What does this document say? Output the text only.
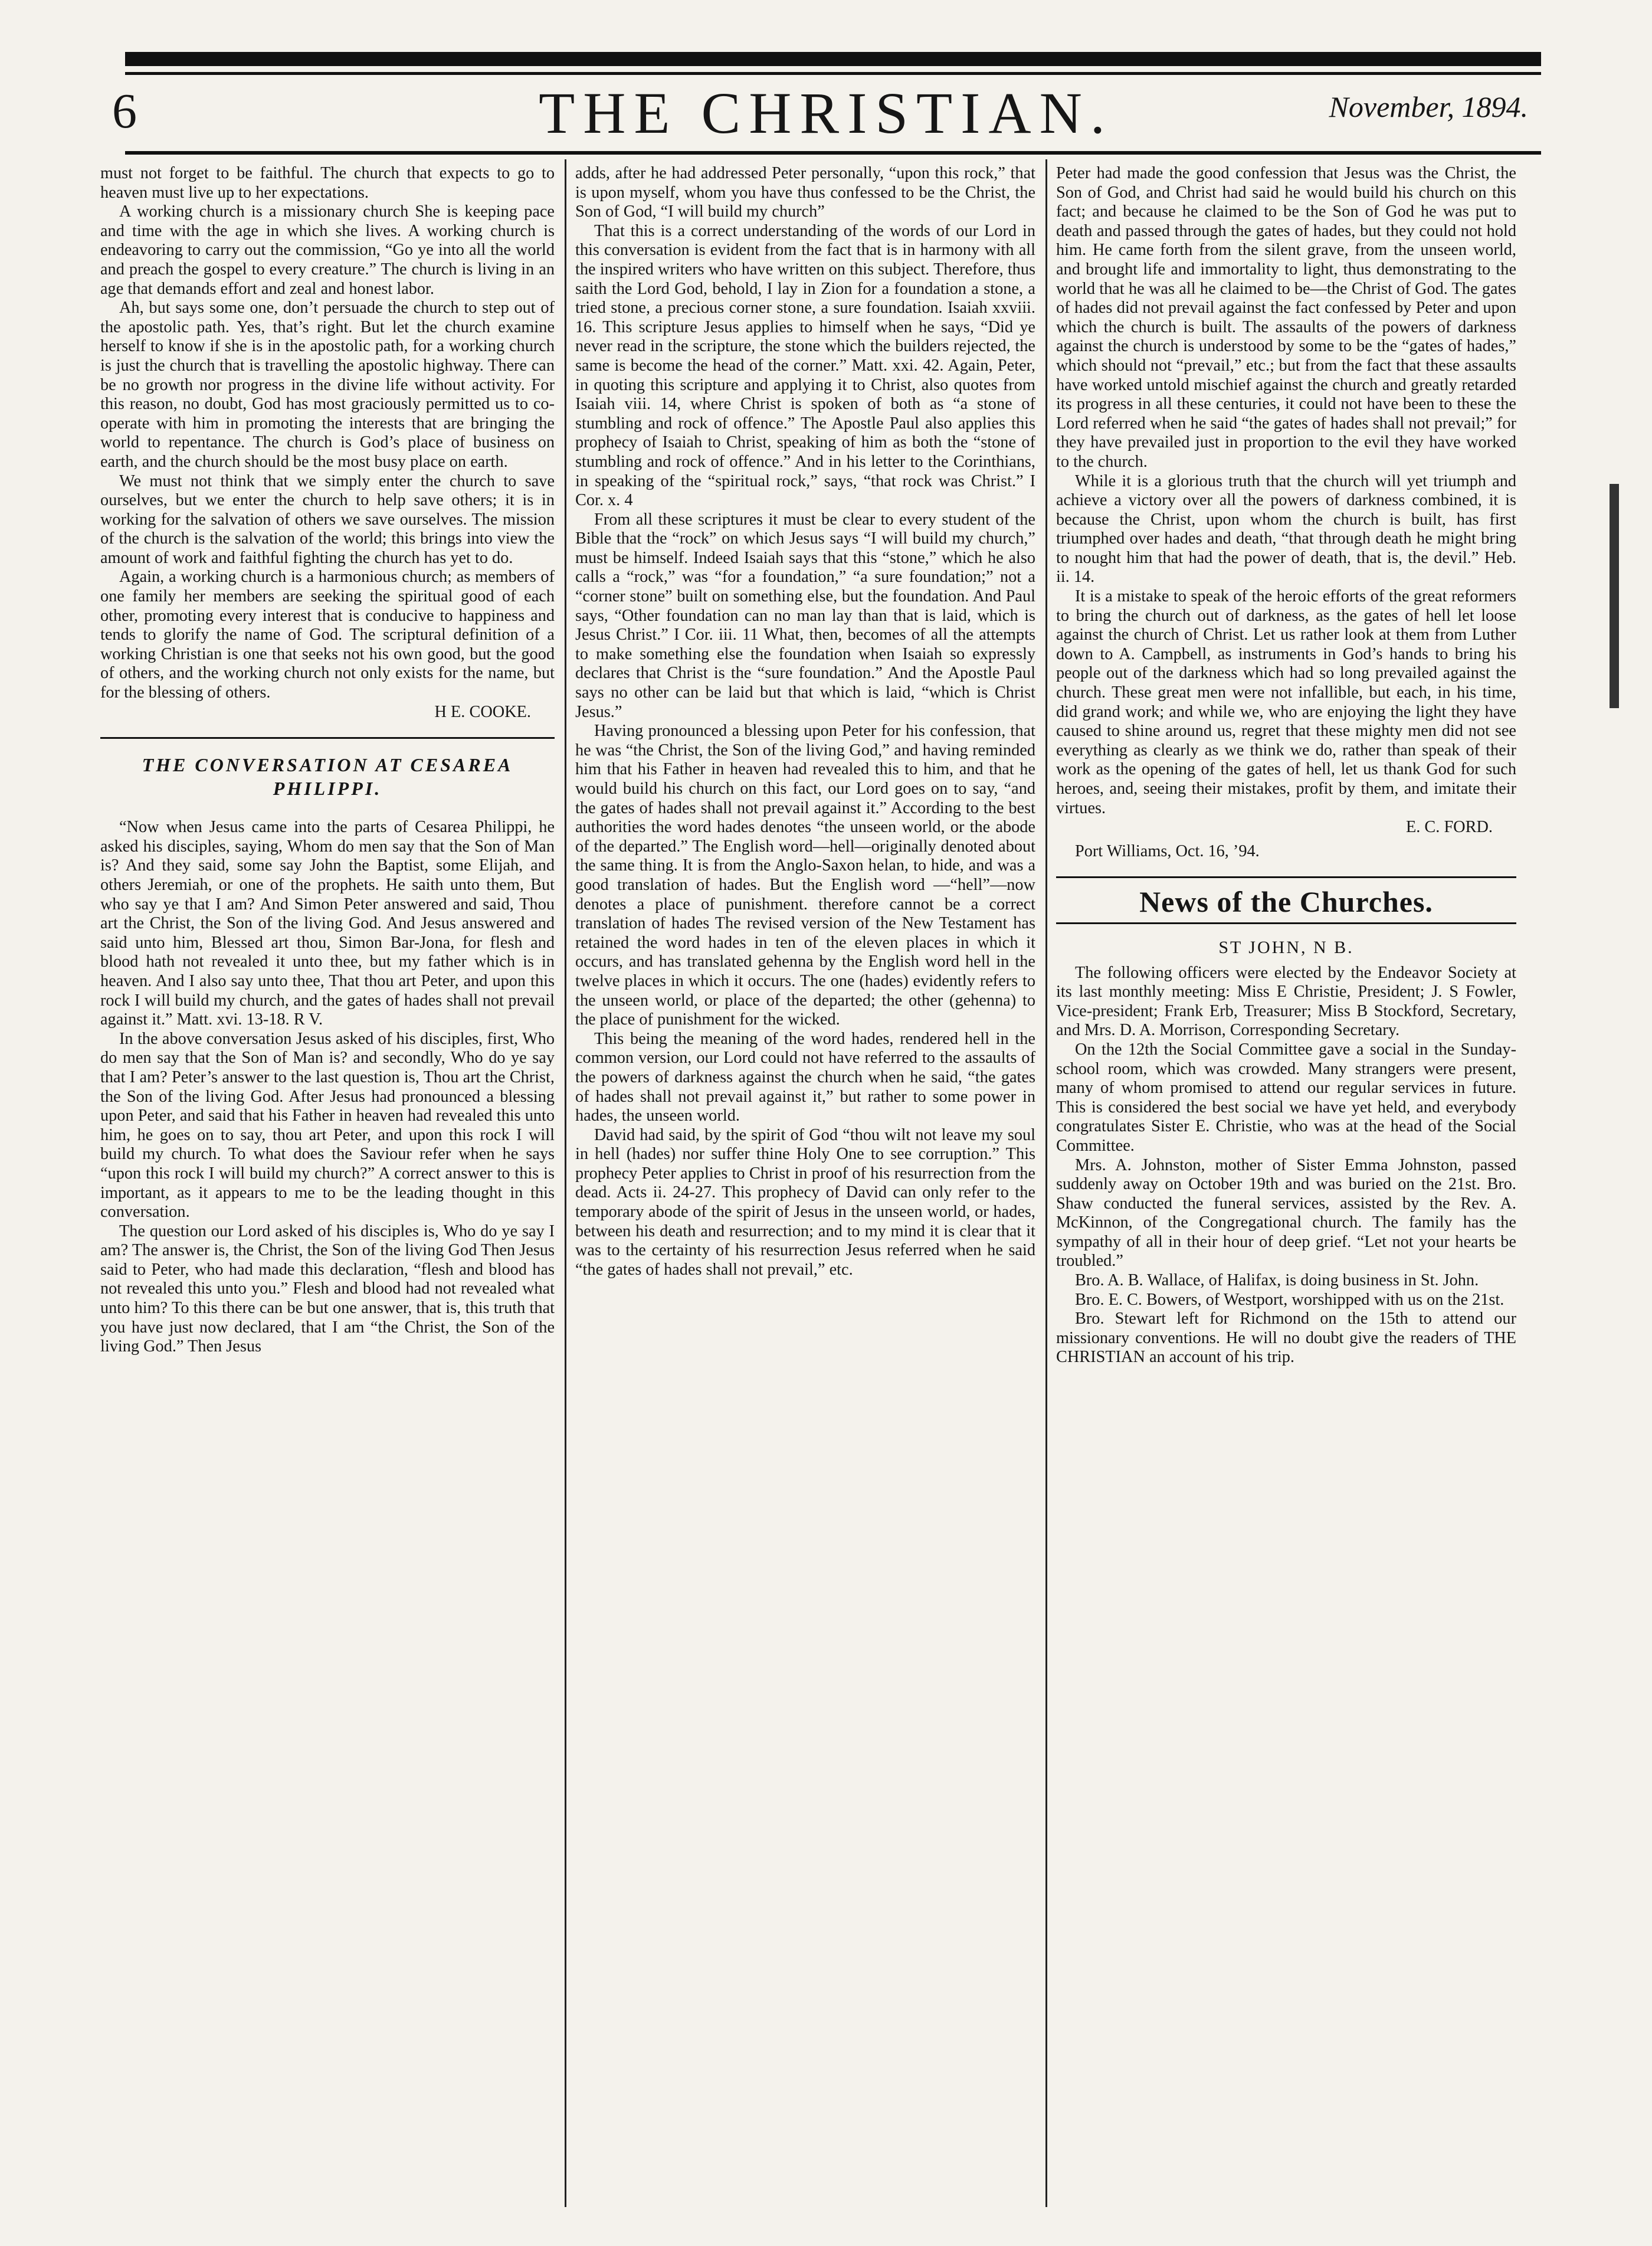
6	THE CHRISTIAN.	November, 1894.

must not forget to be faithful. The church that expects to go to heaven must live up to her expectations.

A working church is a missionary church She is keeping pace and time with the age in which she lives. A working church is endeavoring to carry out the commission, “Go ye into all the world and preach the gospel to every creature.” The church is living in an age that demands effort and zeal and honest labor.

Ah, but says some one, don’t persuade the church to step out of the apostolic path. Yes, that’s right. But let the church examine herself to know if she is in the apostolic path, for a working church is just the church that is travelling the apostolic highway. There can be no growth nor progress in the divine life without activity. For this reason, no doubt, God has most graciously permitted us to co-operate with him in promoting the interests that are bringing the world to repentance. The church is God’s place of business on earth, and the church should be the most busy place on earth.

We must not think that we simply enter the church to save ourselves, but we enter the church to help save others; it is in working for the salvation of others we save ourselves. The mission of the church is the salvation of the world; this brings into view the amount of work and faithful fighting the church has yet to do.

Again, a working church is a harmonious church; as members of one family her members are seeking the spiritual good of each other, promoting every interest that is conducive to happiness and tends to glorify the name of God. The scriptural definition of a working Christian is one that seeks not his own good, but the good of others, and the working church not only exists for the name, but for the blessing of others.

H E. COOKE.

THE CONVERSATION AT CESAREA PHILIPPI.

“Now when Jesus came into the parts of Cesarea Philippi, he asked his disciples, saying, Whom do men say that the Son of Man is? And they said, some say John the Baptist, some Elijah, and others Jeremiah, or one of the prophets. He saith unto them, But who say ye that I am? And Simon Peter answered and said, Thou art the Christ, the Son of the living God. And Jesus answered and said unto him, Blessed art thou, Simon Bar-Jona, for flesh and blood hath not revealed it unto thee, but my father which is in heaven. And I also say unto thee, That thou art Peter, and upon this rock I will build my church, and the gates of hades shall not prevail against it.” Matt. xvi. 13-18. R V.

In the above conversation Jesus asked of his disciples, first, Who do men say that the Son of Man is? and secondly, Who do ye say that I am? Peter’s answer to the last question is, Thou art the Christ, the Son of the living God. After Jesus had pronounced a blessing upon Peter, and said that his Father in heaven had revealed this unto him, he goes on to say, thou art Peter, and upon this rock I will build my church. To what does the Saviour refer when he says “upon this rock I will build my church?” A correct answer to this is important, as it appears to me to be the leading thought in this conversation.

The question our Lord asked of his disciples is, Who do ye say I am? The answer is, the Christ, the Son of the living God Then Jesus said to Peter, who had made this declaration, “flesh and blood has not revealed this unto you.” Flesh and blood had not revealed what unto him? To this there can be but one answer, that is, this truth that you have just now declared, that I am “the Christ, the Son of the living God.” Then Jesus

adds, after he had addressed Peter personally, “upon this rock,” that is upon myself, whom you have thus confessed to be the Christ, the Son of God, “I will build my church”

That this is a correct understanding of the words of our Lord in this conversation is evident from the fact that is in harmony with all the inspired writers who have written on this subject. Therefore, thus saith the Lord God, behold, I lay in Zion for a foundation a stone, a tried stone, a precious corner stone, a sure foundation. Isaiah xxviii. 16. This scripture Jesus applies to himself when he says, “Did ye never read in the scripture, the stone which the builders rejected, the same is become the head of the corner.” Matt. xxi. 42. Again, Peter, in quoting this scripture and applying it to Christ, also quotes from Isaiah viii. 14, where Christ is spoken of both as “a stone of stumbling and rock of offence.” The Apostle Paul also applies this prophecy of Isaiah to Christ, speaking of him as both the “stone of stumbling and rock of offence.” And in his letter to the Corinthians, in speaking of the “spiritual rock,” says, “that rock was Christ.” I Cor. x. 4

From all these scriptures it must be clear to every student of the Bible that the “rock” on which Jesus says “I will build my church,” must be himself. Indeed Isaiah says that this “stone,” which he also calls a “rock,” was “for a foundation,” “a sure foundation;” not a “corner stone” built on something else, but the foundation. And Paul says, “Other foundation can no man lay than that is laid, which is Jesus Christ.” I Cor. iii. 11 What, then, becomes of all the attempts to make something else the foundation when Isaiah so expressly declares that Christ is the “sure foundation.” And the Apostle Paul says no other can be laid but that which is laid, “which is Christ Jesus.”

Having pronounced a blessing upon Peter for his confession, that he was “the Christ, the Son of the living God,” and having reminded him that his Father in heaven had revealed this to him, and that he would build his church on this fact, our Lord goes on to say, “and the gates of hades shall not prevail against it.” According to the best authorities the word hades denotes “the unseen world, or the abode of the departed.” The English word—hell—originally denoted about the same thing. It is from the Anglo-Saxon helan, to hide, and was a good translation of hades. But the English word —“hell”—now denotes a place of punishment. therefore cannot be a correct translation of hades The revised version of the New Testament has retained the word hades in ten of the eleven places in which it occurs, and has translated gehenna by the English word hell in the twelve places in which it occurs. The one (hades) evidently refers to the unseen world, or place of the departed; the other (gehenna) to the place of punishment for the wicked.

This being the meaning of the word hades, rendered hell in the common version, our Lord could not have referred to the assaults of the powers of darkness against the church when he said, “the gates of hades shall not prevail against it,” but rather to some power in hades, the unseen world.

David had said, by the spirit of God “thou wilt not leave my soul in hell (hades) nor suffer thine Holy One to see corruption.” This prophecy Peter applies to Christ in proof of his resurrection from the dead. Acts ii. 24-27. This prophecy of David can only refer to the temporary abode of the spirit of Jesus in the unseen world, or hades, between his death and resurrection; and to my mind it is clear that it was to the certainty of his resurrection Jesus referred when he said “the gates of hades shall not prevail,” etc.

Peter had made the good confession that Jesus was the Christ, the Son of God, and Christ had said he would build his church on this fact; and because he claimed to be the Son of God he was put to death and passed through the gates of hades, but they could not hold him. He came forth from the silent grave, from the unseen world, and brought life and immortality to light, thus demonstrating to the world that he was all he claimed to be—the Christ of God. The gates of hades did not prevail against the fact confessed by Peter and upon which the church is built. The assaults of the powers of darkness against the church is understood by some to be the “gates of hades,” which should not “prevail,” etc.; but from the fact that these assaults have worked untold mischief against the church and greatly retarded its progress in all these centuries, it could not have been to these the Lord referred when he said “the gates of hades shall not prevail;” for they have prevailed just in proportion to the evil they have worked to the church.

While it is a glorious truth that the church will yet triumph and achieve a victory over all the powers of darkness combined, it is because the Christ, upon whom the church is built, has first triumphed over hades and death, “that through death he might bring to nought him that had the power of death, that is, the devil.” Heb. ii. 14.

It is a mistake to speak of the heroic efforts of the great reformers to bring the church out of darkness, as the gates of hell let loose against the church of Christ. Let us rather look at them from Luther down to A. Campbell, as instruments in God’s hands to bring his people out of the darkness which had so long prevailed against the church. These great men were not infallible, but each, in his time, did grand work; and while we, who are enjoying the light they have caused to shine around us, regret that these mighty men did not see everything as clearly as we think we do, rather than speak of their work as the opening of the gates of hell, let us thank God for such heroes, and, seeing their mistakes, profit by them, and imitate their virtues.

E. C. FORD.

Port Williams, Oct. 16, ’94.

News of the Churches.

ST JOHN, N B.

The following officers were elected by the Endeavor Society at its last monthly meeting: Miss E Christie, President; J. S Fowler, Vice-president; Frank Erb, Treasurer; Miss B Stockford, Secretary, and Mrs. D. A. Morrison, Corresponding Secretary.

On the 12th the Social Committee gave a social in the Sunday-school room, which was crowded. Many strangers were present, many of whom promised to attend our regular services in future. This is considered the best social we have yet held, and everybody congratulates Sister E. Christie, who was at the head of the Social Committee.

Mrs. A. Johnston, mother of Sister Emma Johnston, passed suddenly away on October 19th and was buried on the 21st. Bro. Shaw conducted the funeral services, assisted by the Rev. A. McKinnon, of the Congregational church. The family has the sympathy of all in their hour of deep grief. “Let not your hearts be troubled.”

Bro. A. B. Wallace, of Halifax, is doing business in St. John.

Bro. E. C. Bowers, of Westport, worshipped with us on the 21st.

Bro. Stewart left for Richmond on the 15th to attend our missionary conventions. He will no doubt give the readers of THE CHRISTIAN an account of his trip.
